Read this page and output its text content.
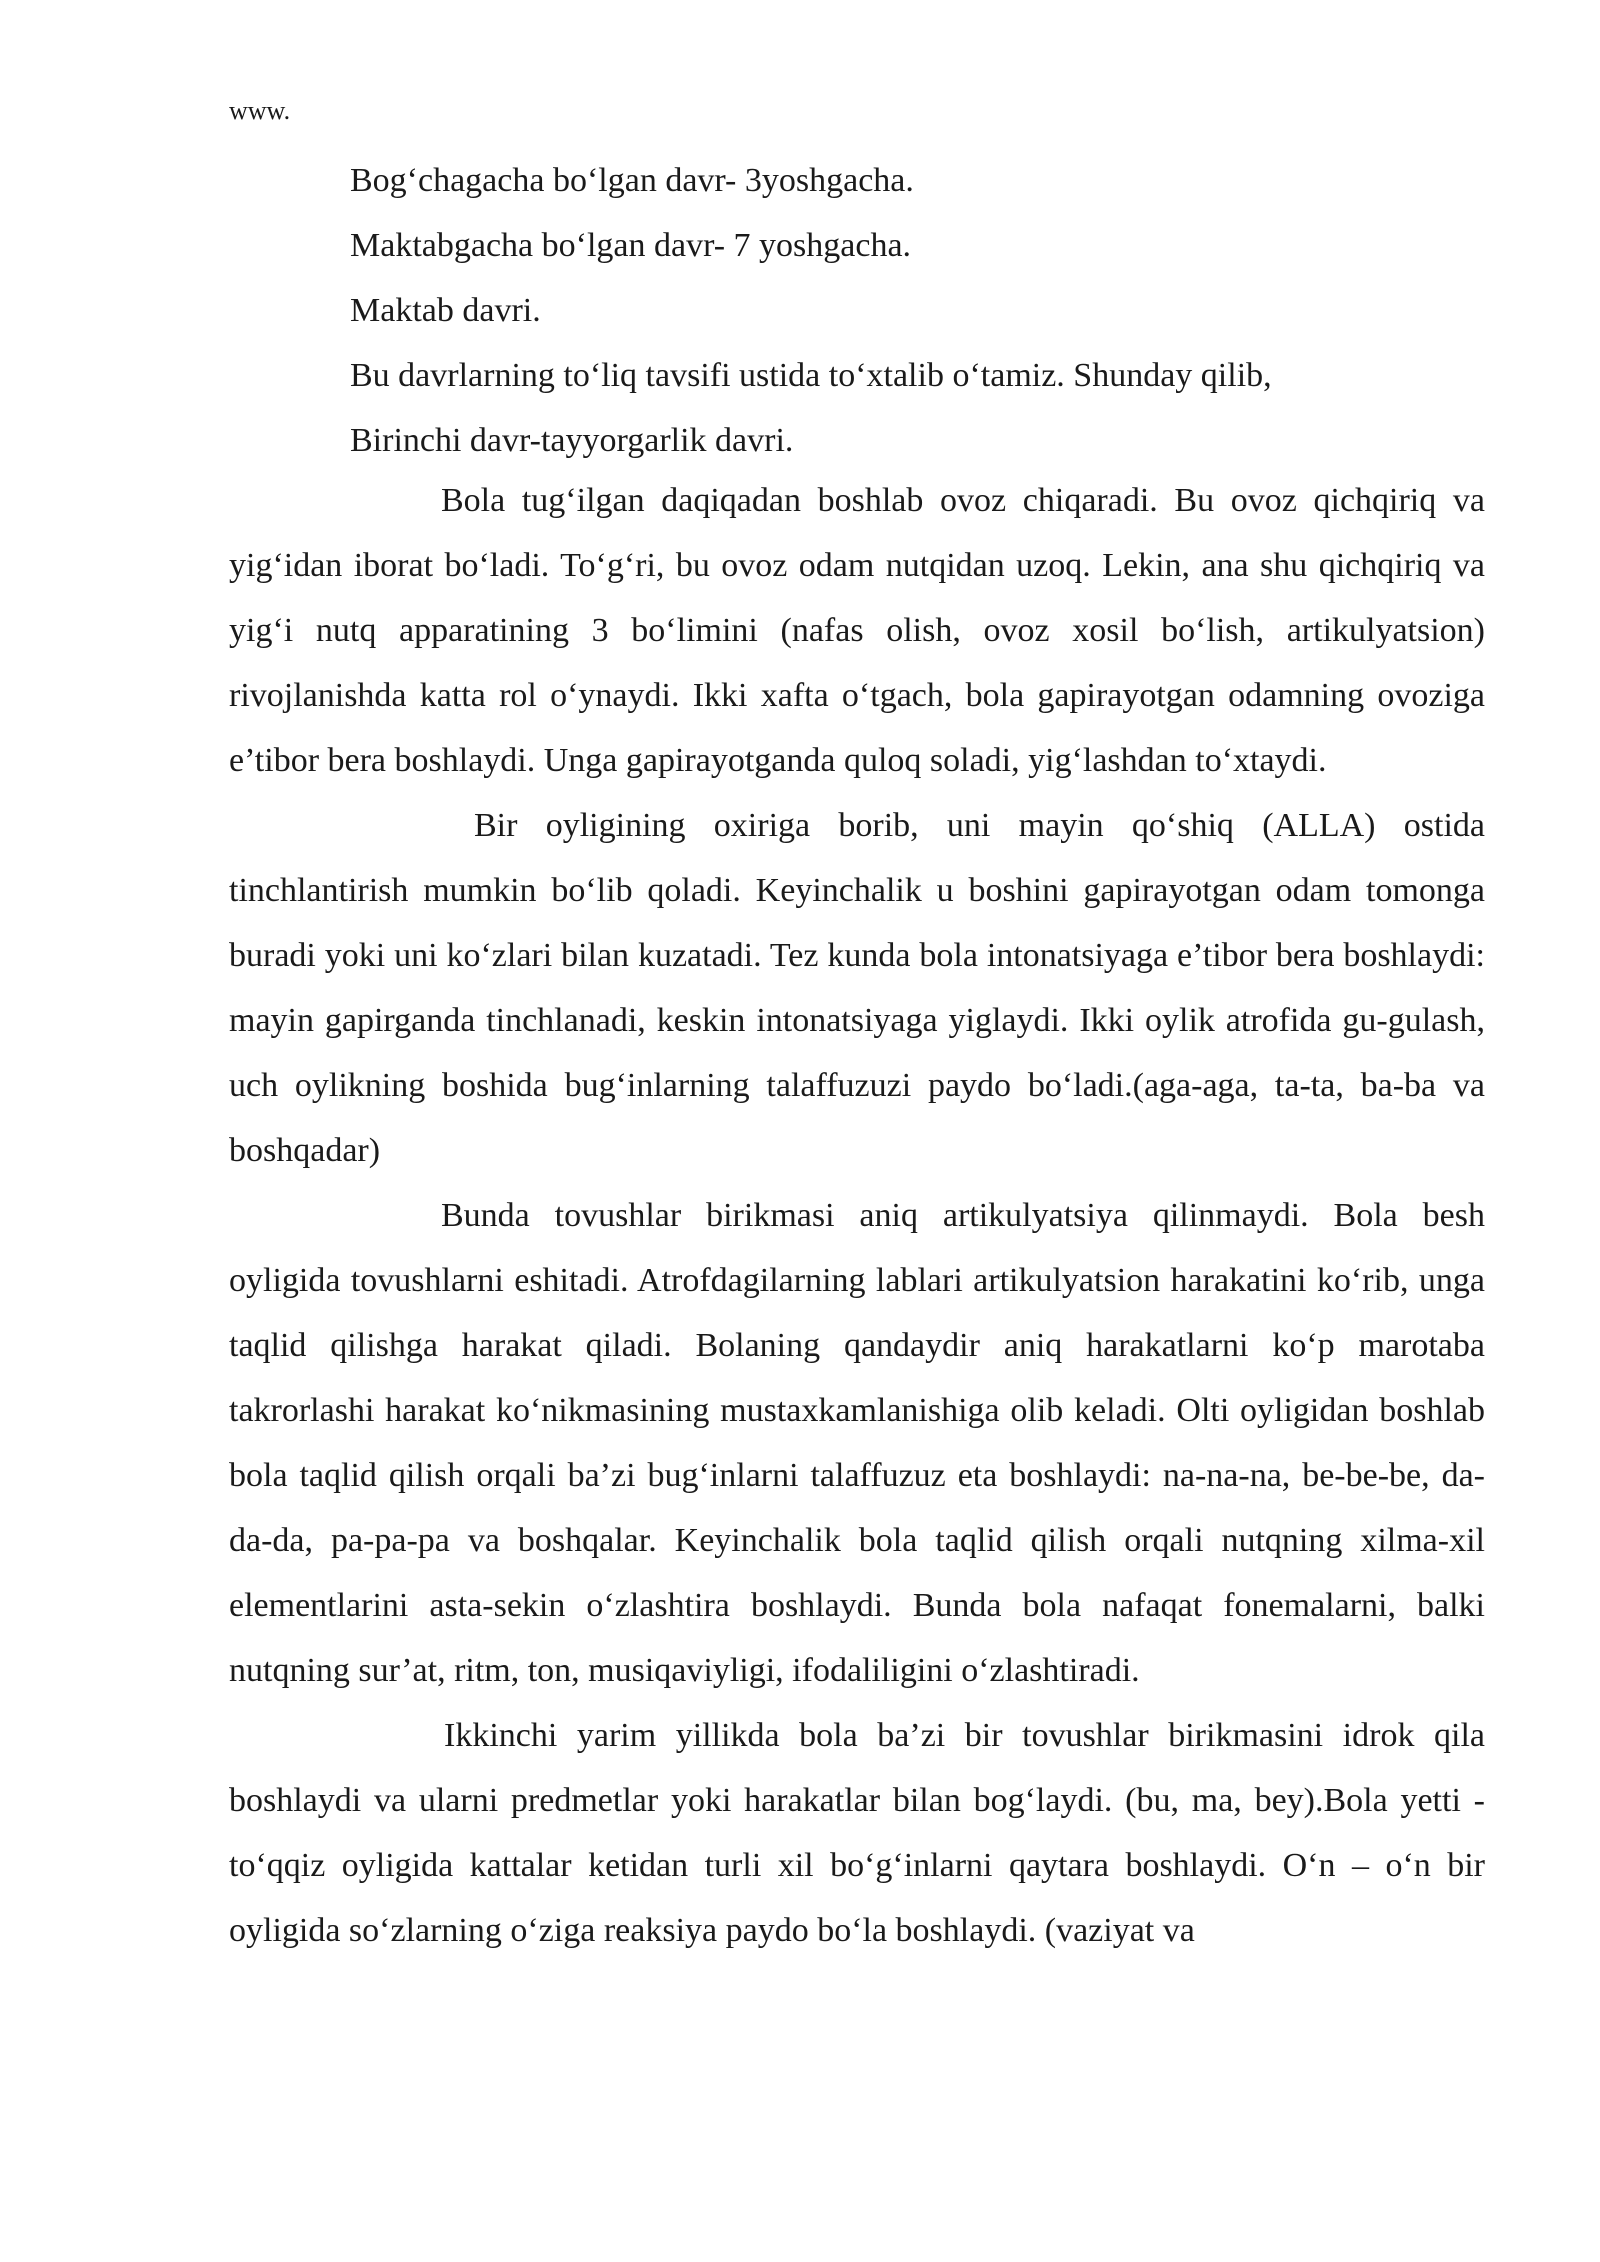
www.
Bog‘chagacha bo‘lgan davr- 3yoshgacha.
Maktabgacha bo‘lgan davr- 7 yoshgacha.
Maktab davri.
Bu davrlarning to‘liq tavsifi ustida to‘xtalib o‘tamiz. Shunday qilib,
Birinchi davr-tayyorgarlik davri.

Bola tug‘ilgan daqiqadan boshlab ovoz chiqaradi. Bu ovoz qichqiriq va yig‘idan iborat bo‘ladi. To‘g‘ri, bu ovoz odam nutqidan uzoq. Lekin, ana shu qichqiriq va yig‘i nutq apparatining 3 bo‘limini (nafas olish, ovoz xosil bo‘lish, artikulyatsion) rivojlanishda katta rol o‘ynaydi. Ikki xafta o‘tgach, bola gapirayotgan odamning ovoziga e’tibor bera boshlaydi. Unga gapirayotganda quloq soladi, yig‘lashdan to‘xtaydi.

Bir oyligining oxiriga borib, uni mayin qo‘shiq (ALLA) ostida tinchlantirish mumkin bo‘lib qoladi. Keyinchalik u boshini gapirayotgan odam tomonga buradi yoki uni ko‘zlari bilan kuzatadi. Tez kunda bola intonatsiyaga e’tibor bera boshlaydi: mayin gapirganda tinchlanadi, keskin intonatsiyaga yiglaydi. Ikki oylik atrofida gu-gulash, uch oylikning boshida bug‘inlarning talaffuzuzi paydo bo‘ladi.(aga-aga, ta-ta, ba-ba va boshqadar)

Bunda tovushlar birikmasi aniq artikulyatsiya qilinmaydi. Bola besh oyligida tovushlarni eshitadi. Atrofdagilarning lablari artikulyatsion harakatini ko‘rib, unga taqlid qilishga harakat qiladi. Bolaning qandaydir aniq harakatlarni ko‘p marotaba takrorlashi harakat ko‘nikmasining mustaxkamlanishiga olib keladi. Olti oyligidan boshlab bola taqlid qilish orqali ba’zi bug‘inlarni talaffuzuz eta boshlaydi: na-na-na, be-be-be, da-da-da, pa-pa-pa va boshqalar. Keyinchalik bola taqlid qilish orqali nutqning xilma-xil elementlarini asta-sekin o‘zlashtira boshlaydi. Bunda bola nafaqat fonemalarni, balki nutqning sur’at, ritm, ton, musiqaviyligi, ifodaliligini o‘zlashtiradi.

Ikkinchi yarim yillikda bola ba’zi bir tovushlar birikmasini idrok qila boshlaydi va ularni predmetlar yoki harakatlar bilan bog‘laydi. (bu, ma, bey).Bola yetti - to‘qqiz oyligida kattalar ketidan turli xil bo‘g‘inlarni qaytara boshlaydi. O‘n – o‘n bir oyligida so‘zlarning o‘ziga reaksiya paydo bo‘la boshlaydi. (vaziyat va
